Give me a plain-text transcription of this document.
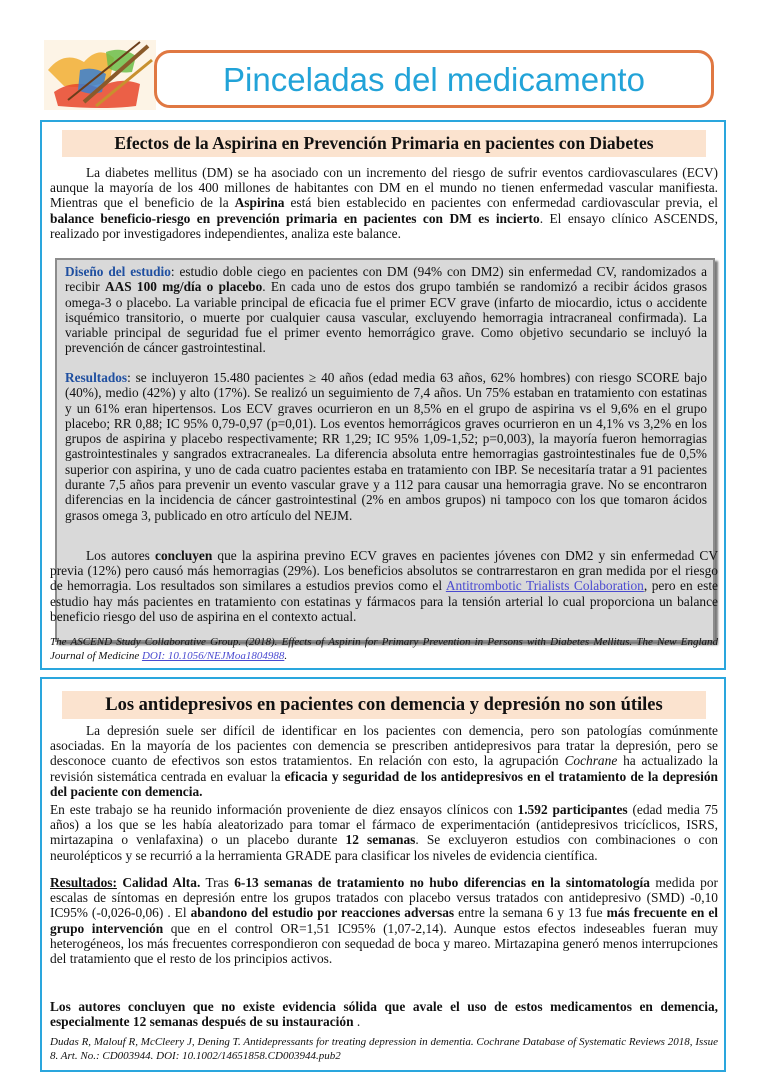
Pinceladas del medicamento
Efectos de la Aspirina en Prevención Primaria en pacientes con Diabetes
La diabetes mellitus (DM) se ha asociado con un incremento del riesgo de sufrir eventos cardiovasculares (ECV) aunque la mayoría de los 400 millones de habitantes con DM en el mundo no tienen enfermedad vascular manifiesta. Mientras que el beneficio de la Aspirina está bien establecido en pacientes con enfermedad cardiovascular previa, el balance beneficio-riesgo en prevención primaria en pacientes con DM es incierto. El ensayo clínico ASCENDS, realizado por investigadores independientes, analiza este balance.
Diseño del estudio: estudio doble ciego en pacientes con DM (94% con DM2) sin enfermedad CV, randomizados a recibir AAS 100 mg/día o placebo. En cada uno de estos dos grupo también se randomizó a recibir ácidos grasos omega-3 o placebo. La variable principal de eficacia fue el primer ECV grave (infarto de miocardio, ictus o accidente isquémico transitorio, o muerte por cualquier causa vascular, excluyendo hemorragia intracraneal confirmada). La variable principal de seguridad fue el primer evento hemorrágico grave. Como objetivo secundario se incluyó la prevención de cáncer gastrointestinal.
Resultados: se incluyeron 15.480 pacientes ≥ 40 años (edad media 63 años, 62% hombres) con riesgo SCORE bajo (40%), medio (42%) y alto (17%). Se realizó un seguimiento de 7,4 años. Un 75% estaban en tratamiento con estatinas y un 61% eran hipertensos. Los ECV graves ocurrieron en un 8,5% en el grupo de aspirina vs el 9,6% en el grupo placebo; RR 0,88; IC 95% 0,79-0,97 (p=0,01). Los eventos hemorrágicos graves ocurrieron en un 4,1% vs 3,2% en los grupos de aspirina y placebo respectivamente; RR 1,29; IC 95% 1,09-1,52; p=0,003), la mayoría fueron hemorragias gastrointestinales y sangrados extracraneales. La diferencia absoluta entre hemorragias gastrointestinales fue de 0,5% superior con aspirina, y uno de cada cuatro pacientes estaba en tratamiento con IBP. Se necesitaría tratar a 91 pacientes durante 7,5 años para prevenir un evento vascular grave y a 112 para causar una hemorragia grave. No se encontraron diferencias en la incidencia de cáncer gastrointestinal (2% en ambos grupos) ni tampoco con los que tomaron ácidos grasos omega 3, publicado en otro artículo del NEJM.
Los autores concluyen que la aspirina previno ECV graves en pacientes jóvenes con DM2 y sin enfermedad CV previa (12%) pero causó más hemorragias (29%). Los beneficios absolutos se contrarrestaron en gran medida por el riesgo de hemorragia. Los resultados son similares a estudios previos como el Antitrombotic Trialists Colaboration, pero en este estudio hay más pacientes en tratamiento con estatinas y fármacos para la tensión arterial lo cual proporciona un balance beneficio riesgo del uso de aspirina en el contexto actual.
The ASCEND Study Collaborative Group. (2018). Effects of Aspirin for Primary Prevention in Persons with Diabetes Mellitus. The New England Journal of Medicine DOI: 10.1056/NEJMoa1804988.
Los antidepresivos en pacientes con demencia y depresión no son útiles
La depresión suele ser difícil de identificar en los pacientes con demencia, pero son patologías comúnmente asociadas. En la mayoría de los pacientes con demencia se prescriben antidepresivos para tratar la depresión, pero se desconoce cuanto de efectivos son estos tratamientos. En relación con esto, la agrupación Cochrane ha actualizado la revisión sistemática centrada en evaluar la eficacia y seguridad de los antidepresivos en el tratamiento de la depresión del paciente con demencia.
En este trabajo se ha reunido información proveniente de diez ensayos clínicos con 1.592 participantes (edad media 75 años) a los que se les había aleatorizado para tomar el fármaco de experimentación (antidepresivos tricíclicos, ISRS, mirtazapina o venlafaxina) o un placebo durante 12 semanas. Se excluyeron estudios con combinaciones o con neurolépticos y se recurrió a la herramienta GRADE para clasificar los niveles de evidencia científica.
Resultados: Calidad Alta. Tras 6-13 semanas de tratamiento no hubo diferencias en la sintomatología medida por escalas de síntomas en depresión entre los grupos tratados con placebo versus tratados con antidepresivo (SMD) -0,10 IC95% (-0,026-0,06) . El abandono del estudio por reacciones adversas entre la semana 6 y 13 fue más frecuente en el grupo intervención que en el control OR=1,51 IC95% (1,07-2,14). Aunque estos efectos indeseables fueran muy heterogéneos, los más frecuentes correspondieron con sequedad de boca y mareo. Mirtazapina generó menos interrupciones del tratamiento que el resto de los principios activos.
Los autores concluyen que no existe evidencia sólida que avale el uso de estos medicamentos en demencia, especialmente 12 semanas después de su instauración .
Dudas R, Malouf R, McCleery J, Dening T. Antidepressants for treating depression in dementia. Cochrane Database of Systematic Reviews 2018, Issue 8. Art. No.: CD003944. DOI: 10.1002/14651858.CD003944.pub2
